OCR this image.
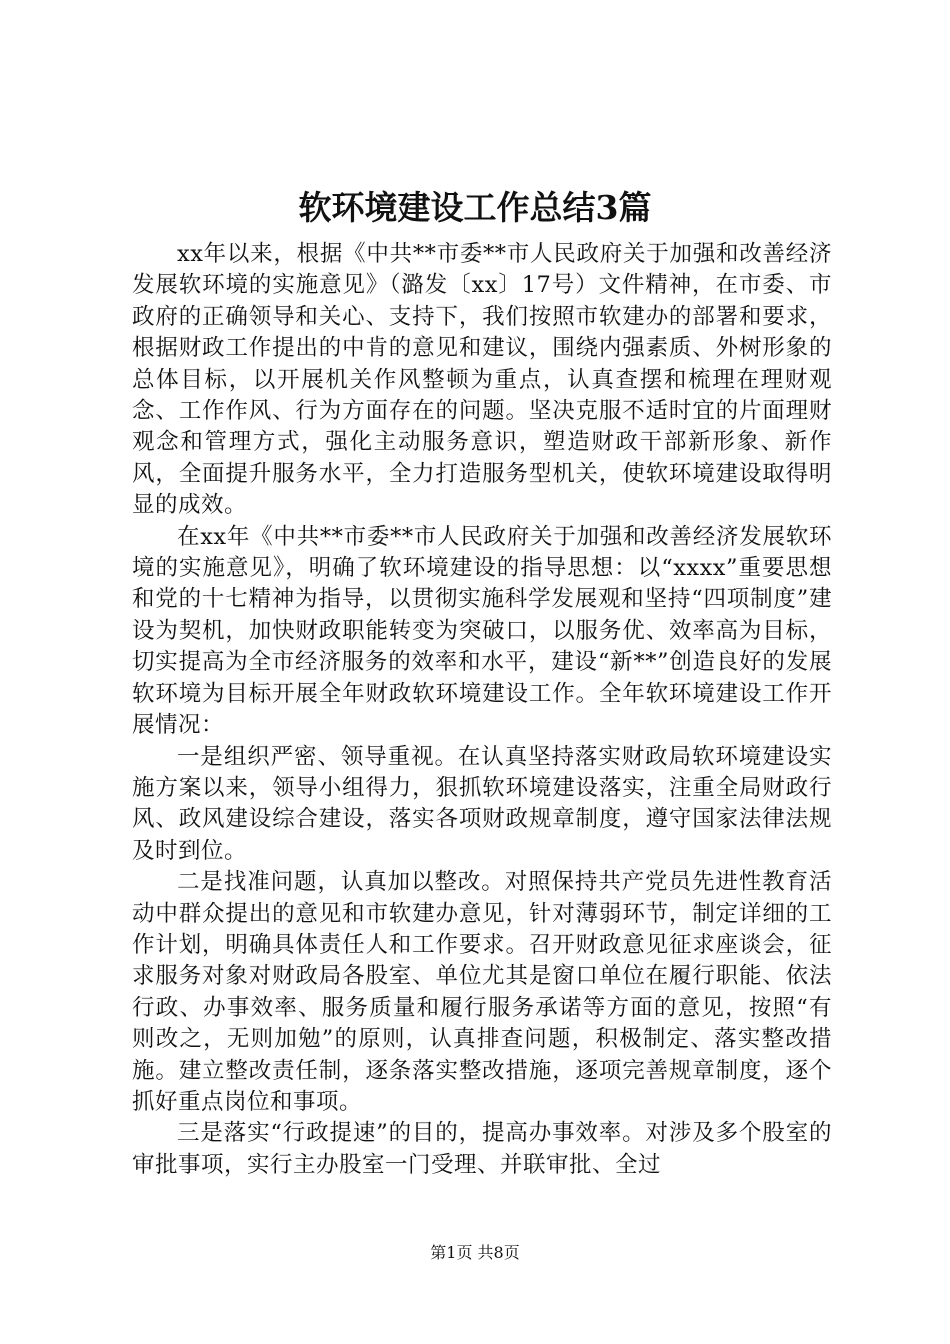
软环境建设工作总结3篇

xx年以来，根据《中共**市委**市人民政府关于加强和改善经济发展软环境的实施意见》（潞发〔xx〕17号）文件精神，在市委、市政府的正确领导和关心、支持下，我们按照市软建办的部署和要求，根据财政工作提出的中肯的意见和建议，围绕内强素质、外树形象的总体目标，以开展机关作风整顿为重点，认真查摆和梳理在理财观念、工作作风、行为方面存在的问题。坚决克服不适时宜的片面理财观念和管理方式，强化主动服务意识，塑造财政干部新形象、新作风，全面提升服务水平，全力打造服务型机关，使软环境建设取得明显的成效。

在xx年《中共**市委**市人民政府关于加强和改善经济发展软环境的实施意见》，明确了软环境建设的指导思想：以“xxxx”重要思想和党的十七精神为指导，以贯彻实施科学发展观和坚持“四项制度”建设为契机，加快财政职能转变为突破口，以服务优、效率高为目标，切实提高为全市经济服务的效率和水平，建设“新**”创造良好的发展软环境为目标开展全年财政软环境建设工作。全年软环境建设工作开展情况：

一是组织严密、领导重视。在认真坚持落实财政局软环境建设实施方案以来，领导小组得力，狠抓软环境建设落实，注重全局财政行风、政风建设综合建设，落实各项财政规章制度，遵守国家法律法规及时到位。

二是找准问题，认真加以整改。对照保持共产党员先进性教育活动中群众提出的意见和市软建办意见，针对薄弱环节，制定详细的工作计划，明确具体责任人和工作要求。召开财政意见征求座谈会，征求服务对象对财政局各股室、单位尤其是窗口单位在履行职能、依法行政、办事效率、服务质量和履行服务承诺等方面的意见，按照“有则改之，无则加勉”的原则，认真排查问题，积极制定、落实整改措施。建立整改责任制，逐条落实整改措施，逐项完善规章制度，逐个抓好重点岗位和事项。

三是落实“行政提速”的目的，提高办事效率。对涉及多个股室的审批事项，实行主办股室一门受理、并联审批、全过

第1页 共8页
